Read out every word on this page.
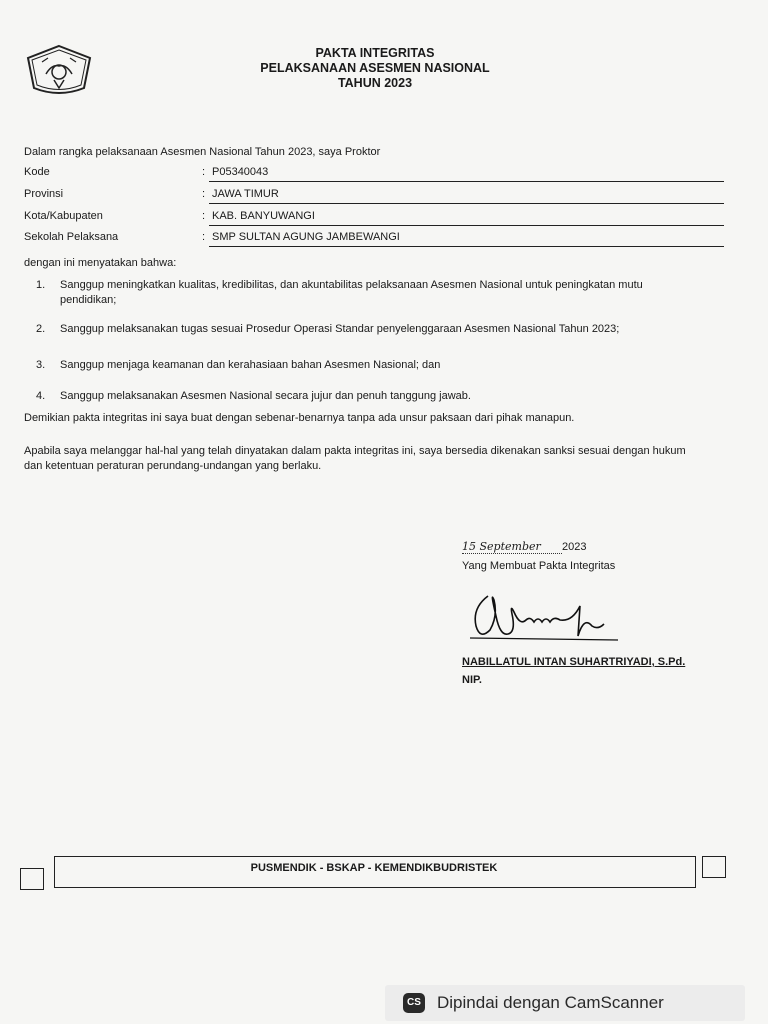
PAKTA INTEGRITAS
PELAKSANAAN ASESMEN NASIONAL
TAHUN 2023
Dalam rangka pelaksanaan Asesmen Nasional Tahun 2023, saya Proktor
Kode	: P05340043
Provinsi	: JAWA TIMUR
Kota/Kabupaten	: KAB. BANYUWANGI
Sekolah Pelaksana	: SMP SULTAN AGUNG JAMBEWANGI
dengan ini menyatakan bahwa:
1. Sanggup meningkatkan kualitas, kredibilitas, dan akuntabilitas pelaksanaan Asesmen Nasional untuk peningkatan mutu pendidikan;
2. Sanggup melaksanakan tugas sesuai Prosedur Operasi Standar penyelenggaraan Asesmen Nasional Tahun 2023;
3. Sanggup menjaga keamanan dan kerahasiaan bahan Asesmen Nasional; dan
4. Sanggup melaksanakan Asesmen Nasional secara jujur dan penuh tanggung jawab.
Demikian pakta integritas ini saya buat dengan sebenar-benarnya tanpa ada unsur paksaan dari pihak manapun.
Apabila saya melanggar hal-hal yang telah dinyatakan dalam pakta integritas ini, saya bersedia dikenakan sanksi sesuai dengan hukum dan ketentuan peraturan perundang-undangan yang berlaku.
15 September 2023
Yang Membuat Pakta Integritas
NABILLATUL INTAN SUHARTRIYADI, S.Pd.
NIP.
PUSMENDIK - BSKAP - KEMENDIKBUDRISTEK
CS Dipindai dengan CamScanner
